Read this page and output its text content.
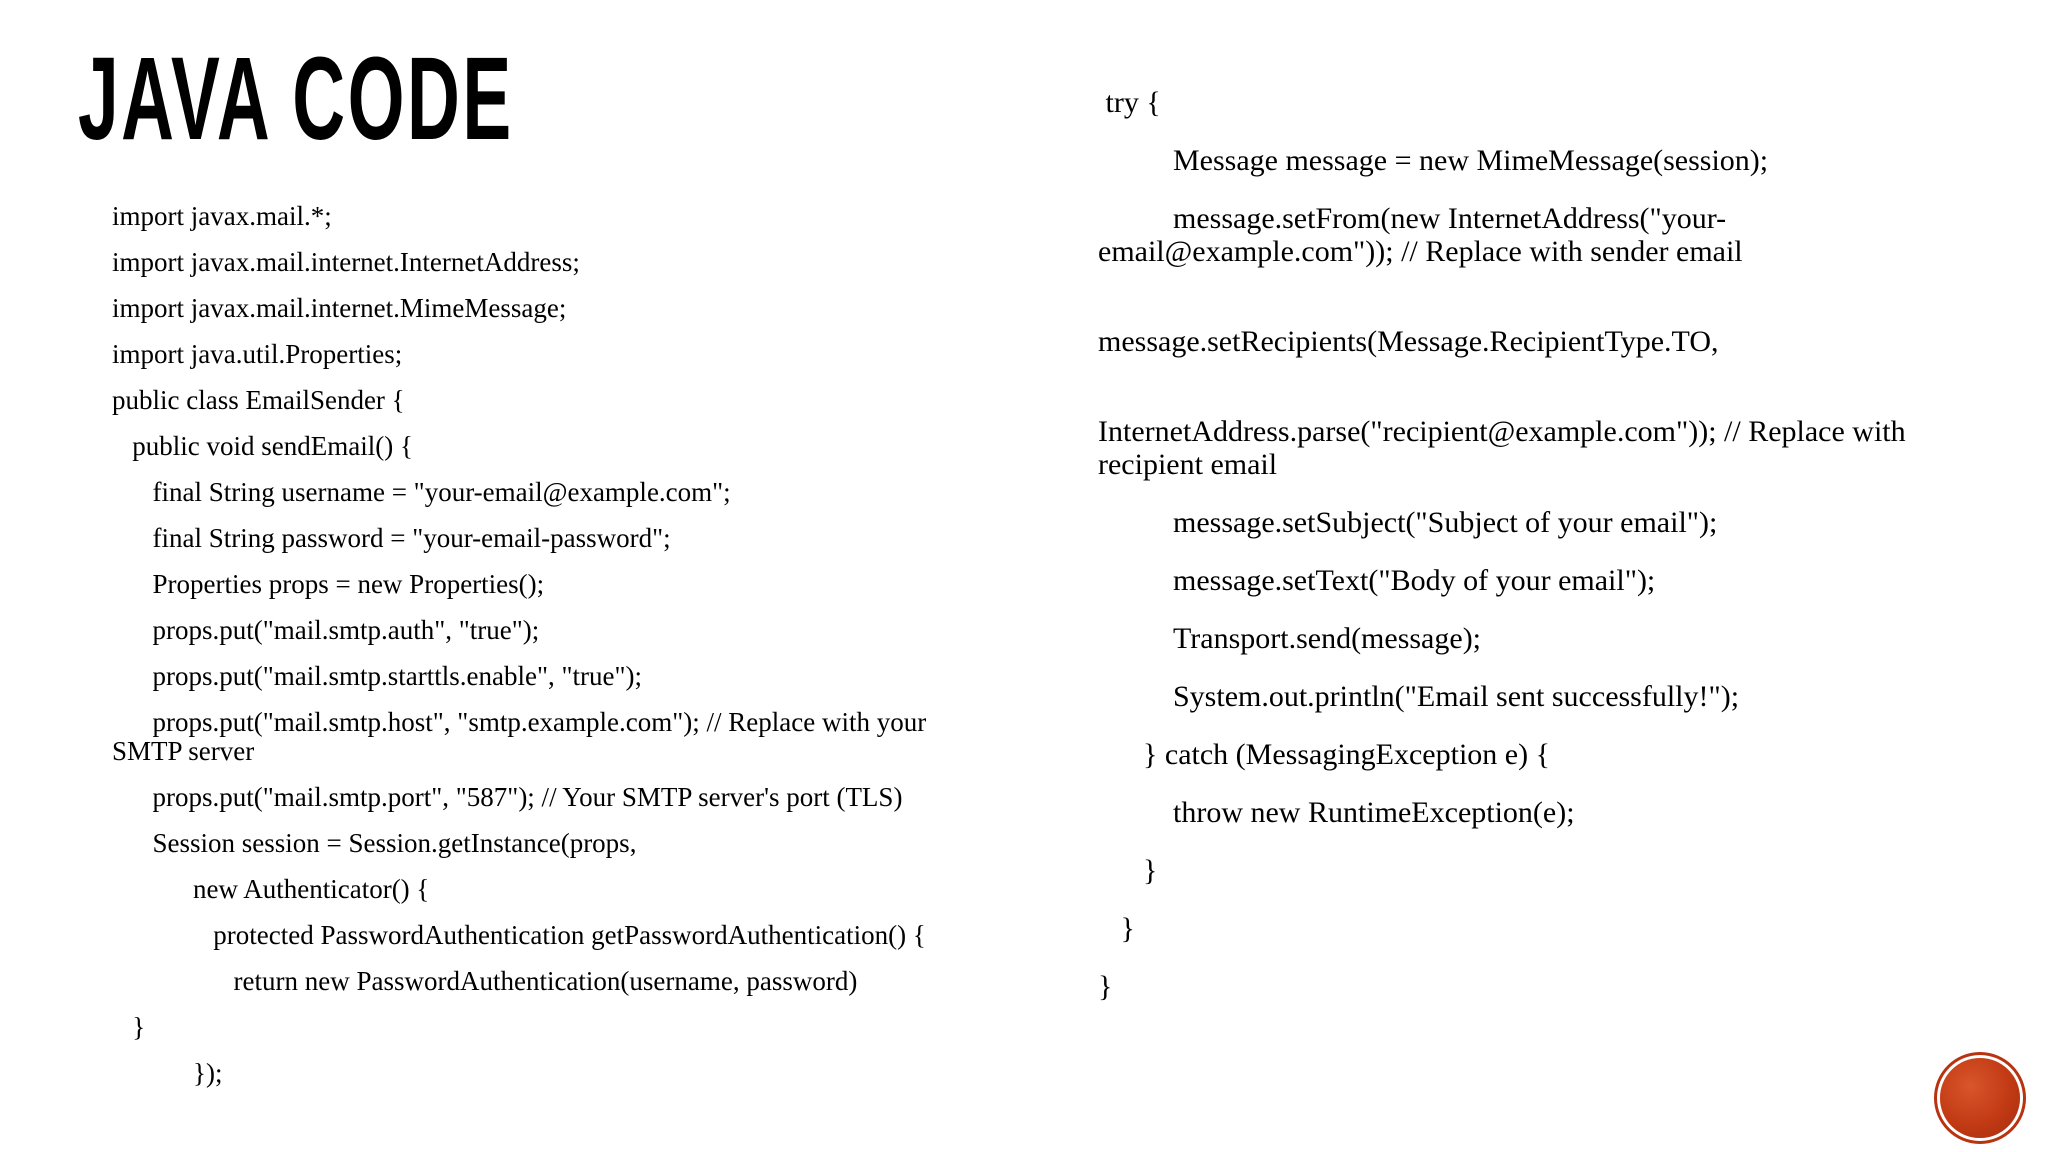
JAVA CODE
import javax.mail.*;
import javax.mail.internet.InternetAddress;
import javax.mail.internet.MimeMessage;
import java.util.Properties;
public class EmailSender {
public void sendEmail() {
final String username = "your-email@example.com";
final String password = "your-email-password";
Properties props = new Properties();
props.put("mail.smtp.auth", "true");
props.put("mail.smtp.starttls.enable", "true");
props.put("mail.smtp.host", "smtp.example.com"); // Replace with your SMTP server
props.put("mail.smtp.port", "587"); // Your SMTP server's port (TLS)
Session session = Session.getInstance(props,
new Authenticator() {
protected PasswordAuthentication getPasswordAuthentication() {
return new PasswordAuthentication(username, password)
}
});
try {
Message message = new MimeMessage(session);
message.setFrom(new InternetAddress("your-email@example.com")); // Replace with sender email
message.setRecipients(Message.RecipientType.TO,
InternetAddress.parse("recipient@example.com")); // Replace with recipient email
message.setSubject("Subject of your email");
message.setText("Body of your email");
Transport.send(message);
System.out.println("Email sent successfully!");
} catch (MessagingException e) {
throw new RuntimeException(e);
}
}
}
